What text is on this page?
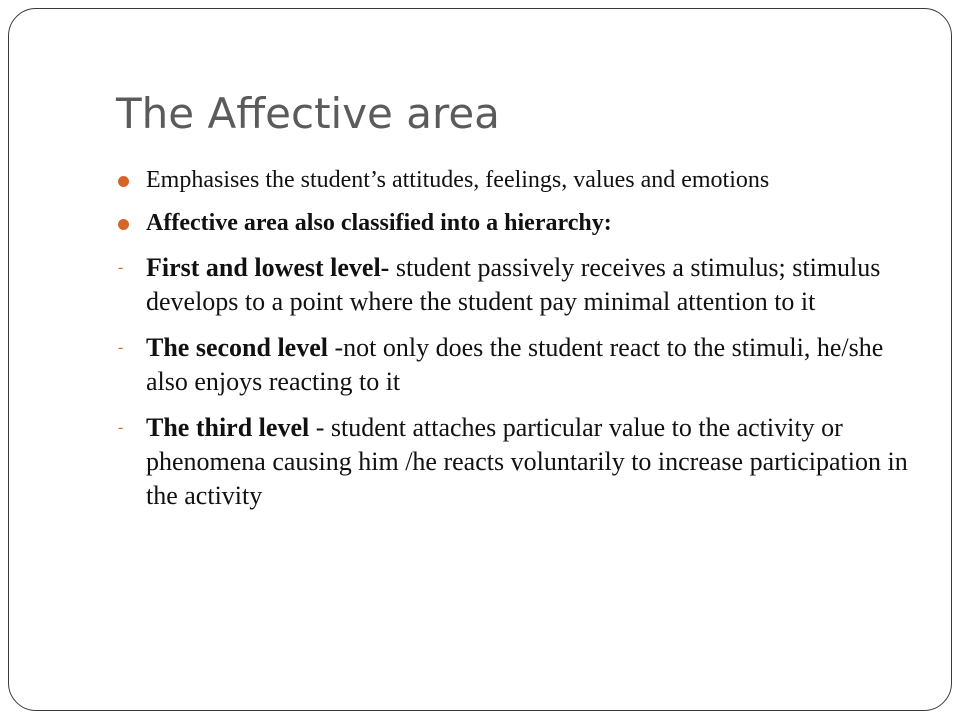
The Affective area
Emphasises the student’s attitudes, feelings, values and emotions
Affective area also classified into a hierarchy:
- First and lowest level- student passively receives a stimulus; stimulus develops to a point where the student pay minimal attention to it
- The second level -not only does the student react to the stimuli, he/she also enjoys reacting to it
- The third level - student attaches particular value to the activity or phenomena causing him /he reacts voluntarily to increase participation in the activity
